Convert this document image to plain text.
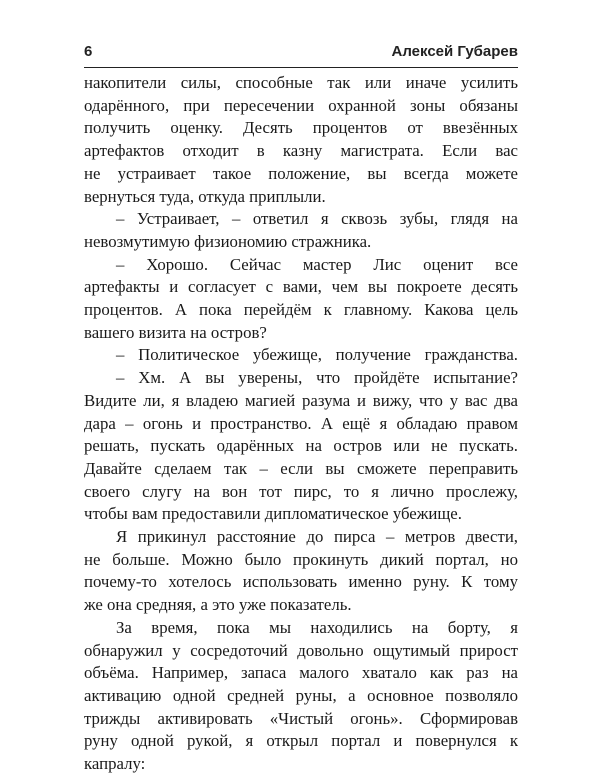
6	Алексей Губарев
накопители силы, способные так или иначе усилить
одарённого, при пересечении охранной зоны обязаны
получить оценку. Десять процентов от ввезённых
артефактов отходит в казну магистрата. Если вас
не устраивает такое положение, вы всегда можете
вернуться туда, откуда приплыли.
– Устраивает, – ответил я сквозь зубы, глядя на
невозмутимую физиономию стражника.
– Хорошо. Сейчас мастер Лис оценит все
артефакты и согласует с вами, чем вы покроете десять
процентов. А пока перейдём к главному. Какова цель
вашего визита на остров?
– Политическое убежище, получение гражданства.
– Хм. А вы уверены, что пройдёте испытание?
Видите ли, я владею магией разума и вижу, что у вас два
дара – огонь и пространство. А ещё я обладаю правом
решать, пускать одарённых на остров или не пускать.
Давайте сделаем так – если вы сможете переправить
своего слугу на вон тот пирс, то я лично прослежу,
чтобы вам предоставили дипломатическое убежище.
Я прикинул расстояние до пирса – метров двести,
не больше. Можно было прокинуть дикий портал, но
почему-то хотелось использовать именно руну. К тому
же она средняя, а это уже показатель.
За время, пока мы находились на борту, я
обнаружил у сосредоточий довольно ощутимый прирост
объёма. Например, запаса малого хватало как раз на
активацию одной средней руны, а основное позволяло
трижды активировать «Чистый огонь». Сформировав
руну одной рукой, я открыл портал и повернулся к
капралу:
